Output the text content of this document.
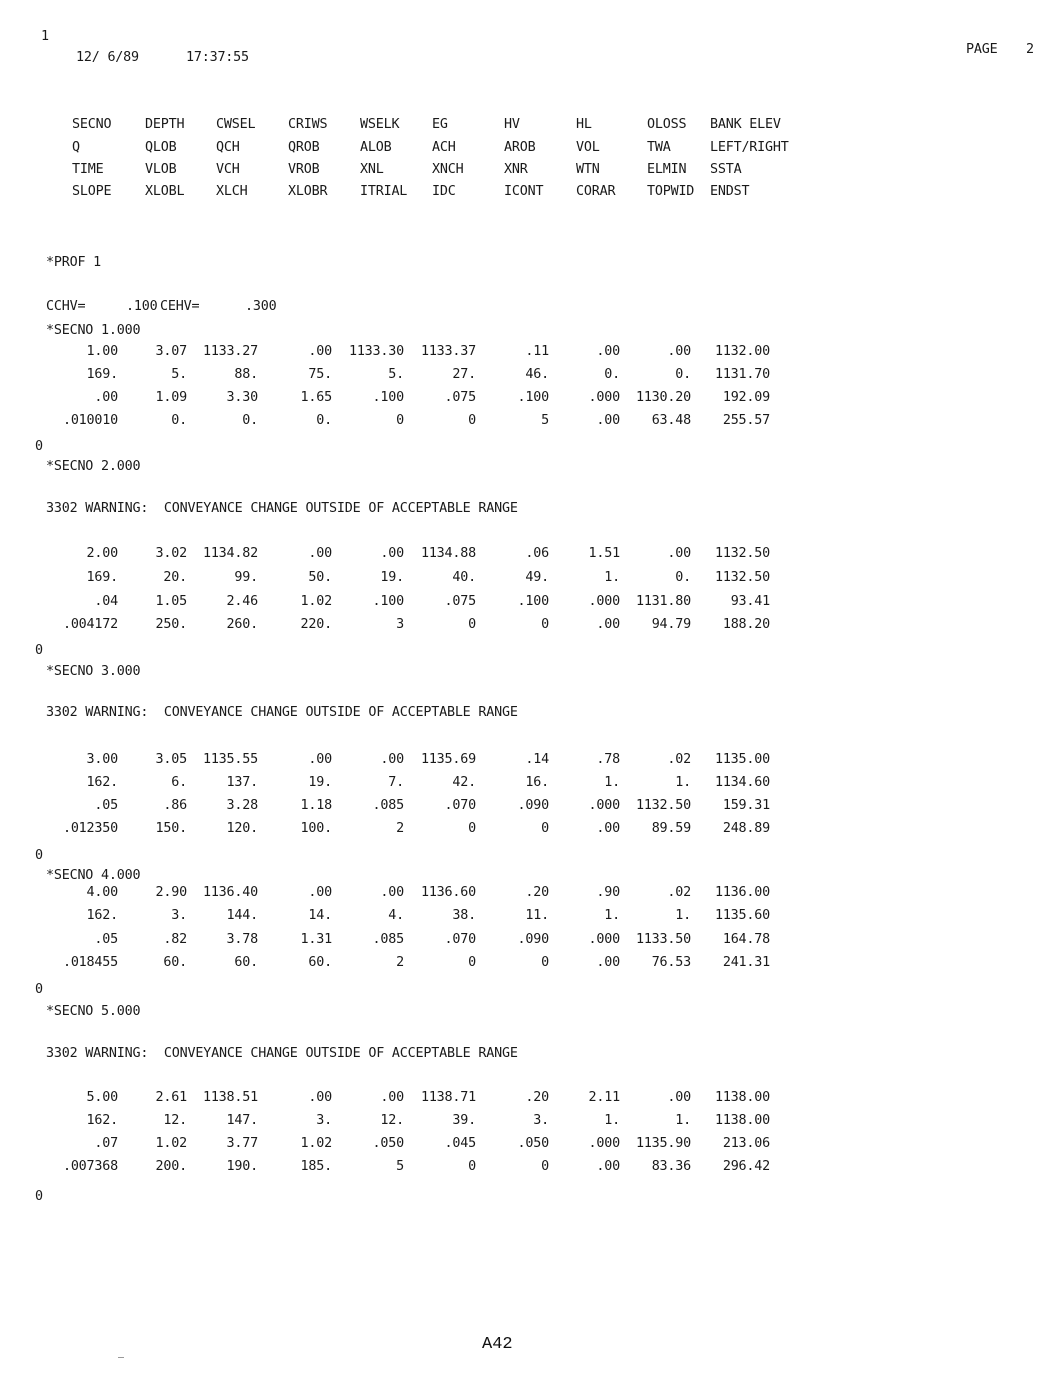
1
12/ 6/89	17:37:55
PAGE 2
SECNO	DEPTH CWSEL CRIWS WSELK EG	HV	HL	OLOSS BANK ELEV
Q	QLOB	QCH	QROB	ALOB	ACH	AROB	VOL	TWA	LEFT/RIGHT
TIME	VLOB	VCH	VROB	XNL	XNCH	XNR	WTN	ELMIN SSTA
SLOPE	XLOBL XLCH	XLOBR ITRIAL IDC	ICONT CORAR TOPWID ENDST
*PROF 1
CCHV=	.100 CEHV=	.300
*SECNO 1.000
1.00	3.07	1133.27	.00	1133.30	1133.37	.11	.00	.00	1132.00
169.	5.	88.	75.	5.	27.	46.	0.	0.	1131.70
.00	1.09	3.30	1.65	.100	.075	.100	.000	1130.20	192.09
.010010	0.	0.	0.	0	0	5	.00	63.48	255.57
0
*SECNO 2.000
3302 WARNING:  CONVEYANCE CHANGE OUTSIDE OF ACCEPTABLE RANGE
2.00	3.02	1134.82	.00	.00	1134.88	.06	1.51	.00	1132.50
169.	20.	99.	50.	19.	40.	49.	1.	0.	1132.50
.04	1.05	2.46	1.02	.100	.075	.100	.000	1131.80	93.41
.004172	250.	260.	220.	3	0	0	.00	94.79	188.20
0
*SECNO 3.000
3302 WARNING:  CONVEYANCE CHANGE OUTSIDE OF ACCEPTABLE RANGE
3.00	3.05	1135.55	.00	.00	1135.69	.14	.78	.02	1135.00
162.	6.	137.	19.	7.	42.	16.	1.	1.	1134.60
.05	.86	3.28	1.18	.085	.070	.090	.000	1132.50	159.31
.012350	150.	120.	100.	2	0	0	.00	89.59	248.89
0
*SECNO 4.000
4.00	2.90	1136.40	.00	.00	1136.60	.20	.90	.02	1136.00
162.	3.	144.	14.	4.	38.	11.	1.	1.	1135.60
.05	.82	3.78	1.31	.085	.070	.090	.000	1133.50	164.78
.018455	60.	60.	60.	2	0	0	.00	76.53	241.31
0
*SECNO 5.000
3302 WARNING:  CONVEYANCE CHANGE OUTSIDE OF ACCEPTABLE RANGE
5.00	2.61	1138.51	.00	.00	1138.71	.20	2.11	.00	1138.00
162.	12.	147.	3.	12.	39.	3.	1.	1.	1138.00
.07	1.02	3.77	1.02	.050	.045	.050	.000	1135.90	213.06
.007368	200.	190.	185.	5	0	0	.00	83.36	296.42
0
A42
